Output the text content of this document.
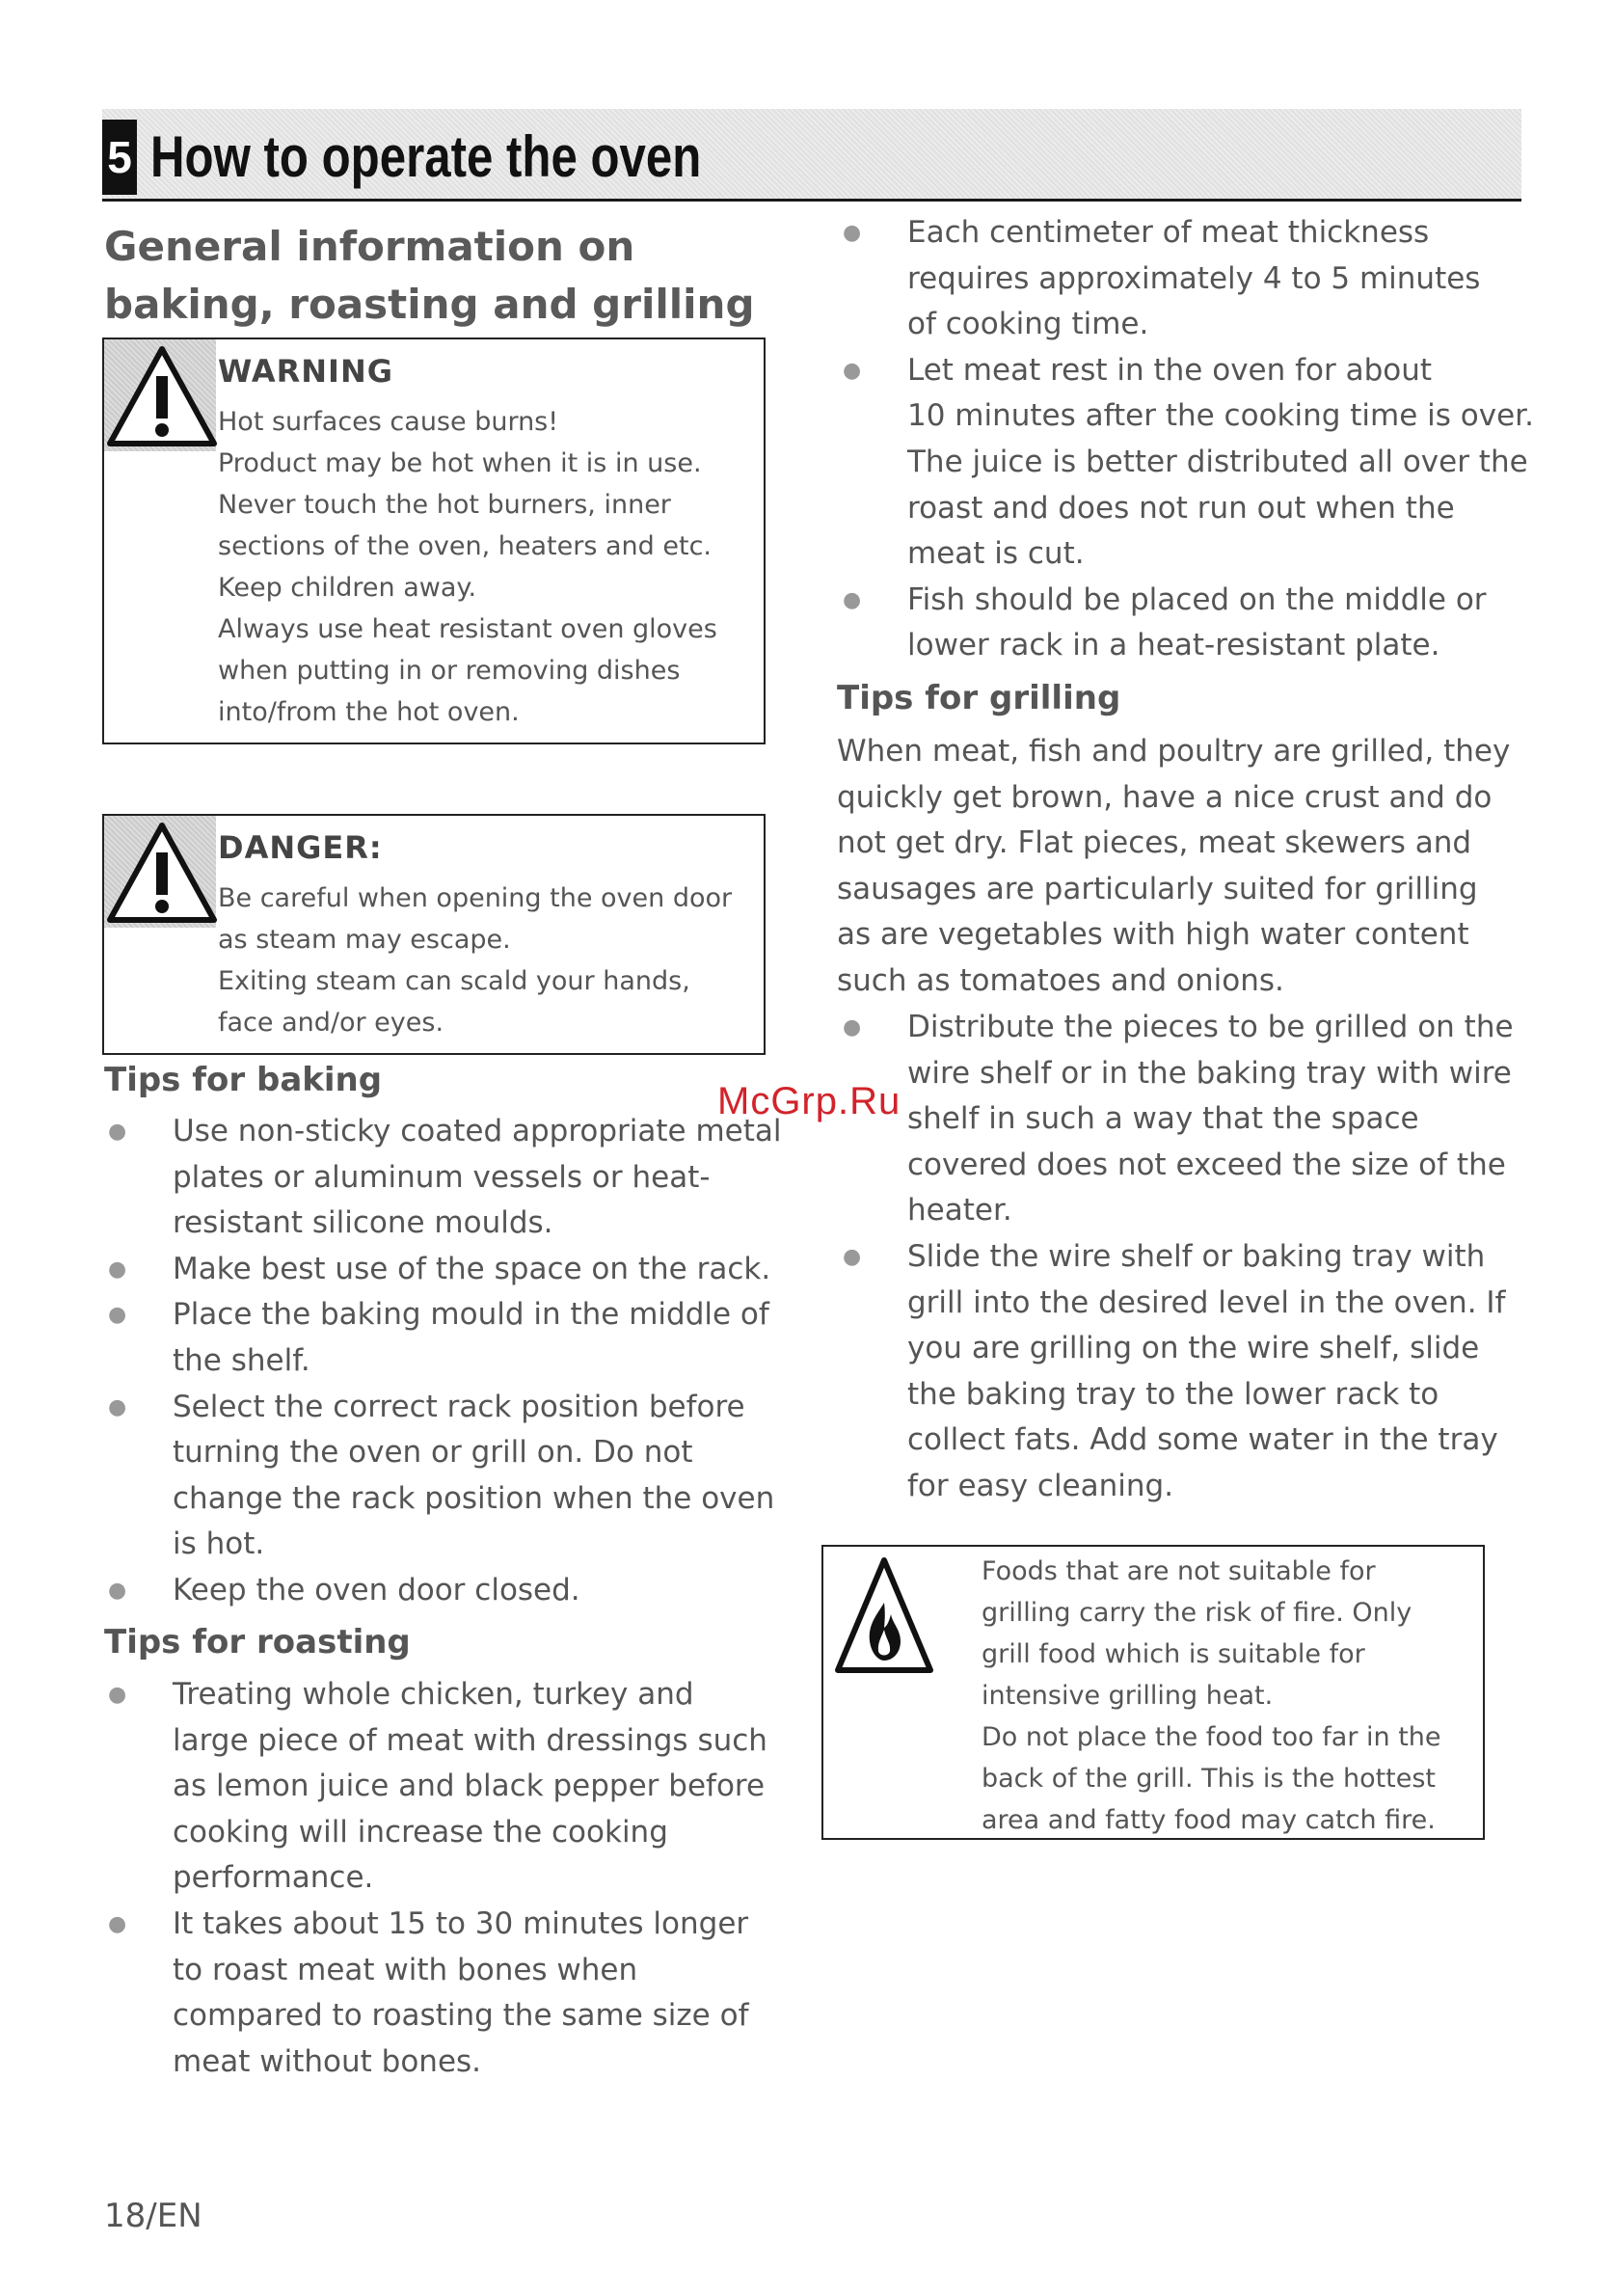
5 How to operate the oven
General information on
baking, roasting and grilling
WARNING
Hot surfaces cause burns!
Product may be hot when it is in use.
Never touch the hot burners, inner
sections of the oven, heaters and etc.
Keep children away.
Always use heat resistant oven gloves
when putting in or removing dishes
into/from the hot oven.
DANGER:
Be careful when opening the oven door
as steam may escape.
Exiting steam can scald your hands,
face and/or eyes.
Tips for baking
● Use non-sticky coated appropriate metal
plates or aluminum vessels or heat-
resistant silicone moulds.
● Make best use of the space on the rack.
● Place the baking mould in the middle of
the shelf.
● Select the correct rack position before
turning the oven or grill on. Do not
change the rack position when the oven
is hot.
● Keep the oven door closed.
Tips for roasting
● Treating whole chicken, turkey and
large piece of meat with dressings such
as lemon juice and black pepper before
cooking will increase the cooking
performance.
● It takes about 15 to 30 minutes longer
to roast meat with bones when
compared to roasting the same size of
meat without bones.
● Each centimeter of meat thickness
requires approximately 4 to 5 minutes
of cooking time.
● Let meat rest in the oven for about
10 minutes after the cooking time is over.
The juice is better distributed all over the
roast and does not run out when the
meat is cut.
● Fish should be placed on the middle or
lower rack in a heat-resistant plate.
Tips for grilling
When meat, fish and poultry are grilled, they
quickly get brown, have a nice crust and do
not get dry. Flat pieces, meat skewers and
sausages are particularly suited for grilling
as are vegetables with high water content
such as tomatoes and onions.
● Distribute the pieces to be grilled on the
wire shelf or in the baking tray with wire
shelf in such a way that the space
covered does not exceed the size of the
heater.
● Slide the wire shelf or baking tray with
grill into the desired level in the oven. If
you are grilling on the wire shelf, slide
the baking tray to the lower rack to
collect fats. Add some water in the tray
for easy cleaning.
Foods that are not suitable for
grilling carry the risk of fire. Only
grill food which is suitable for
intensive grilling heat.
Do not place the food too far in the
back of the grill. This is the hottest
area and fatty food may catch fire.
McGrp.Ru
18/EN
